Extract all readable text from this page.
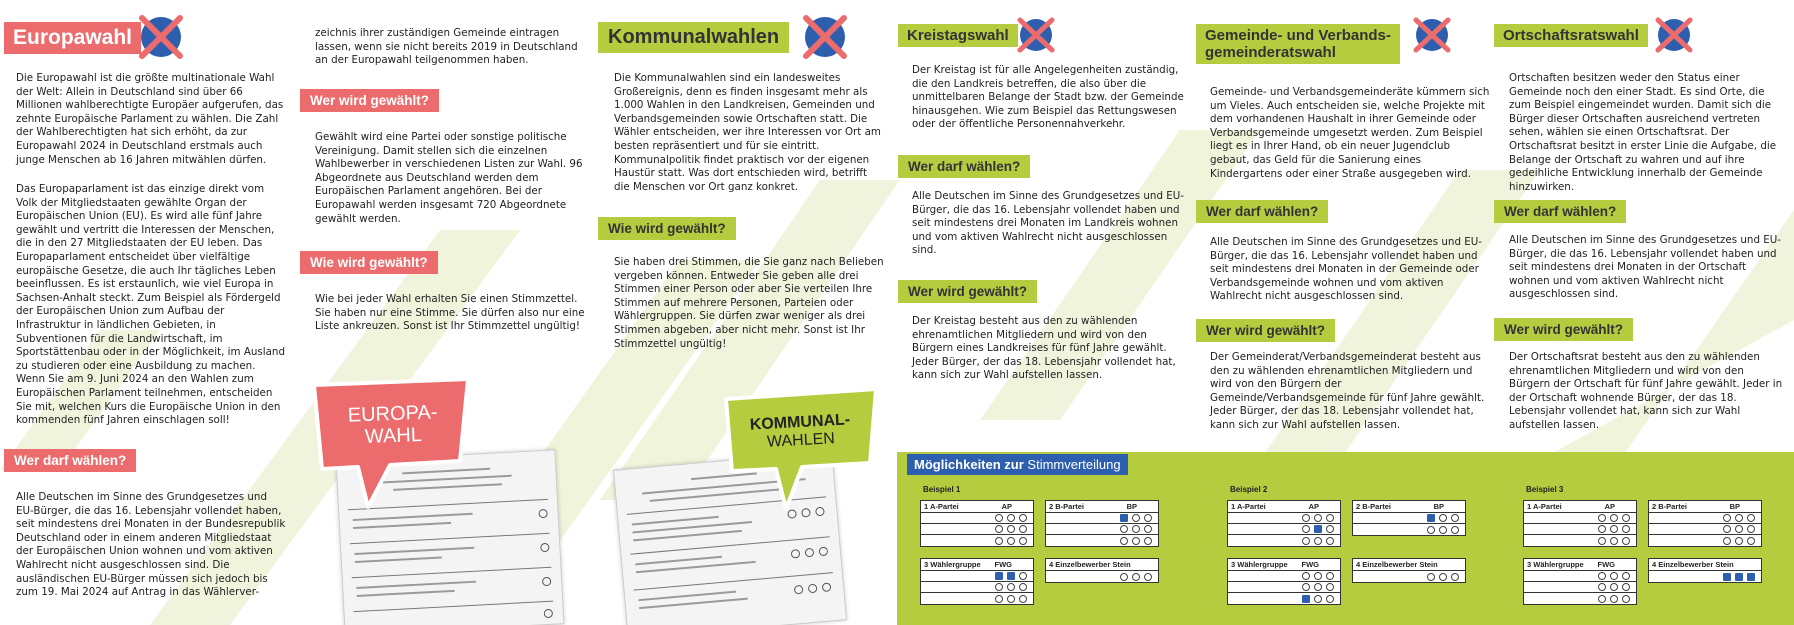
Europawahl

Die Europawahl ist die größte multinationale Wahl der Welt: Allein in Deutschland sind über 66 Millionen wahlberechtigte Europäer aufgerufen, das zehnte Europäische Parlament zu wählen. Die Zahl der Wahlberechtigten hat sich erhöht, da zur Europawahl 2024 in Deutschland erstmals auch junge Menschen ab 16 Jahren mitwählen dürfen.

Das Europaparlament ist das einzige direkt vom Volk der Mitgliedstaaten gewählte Organ der Europäischen Union (EU). Es wird alle fünf Jahre gewählt und vertritt die Interessen der Menschen, die in den 27 Mitgliedstaaten der EU leben. Das Europaparlament entscheidet über vielfältige europäische Gesetze, die auch Ihr tägliches Leben beeinflussen. Es ist erstaunlich, wie viel Europa in Sachsen-Anhalt steckt. Zum Beispiel als Fördergeld der Europäischen Union zum Aufbau der Infrastruktur in ländlichen Gebieten, in Subventionen für die Landwirtschaft, im Sportstättenbau oder in der Möglichkeit, im Ausland zu studieren oder eine Ausbildung zu machen. Wenn Sie am 9. Juni 2024 an den Wahlen zum Europäischen Parlament teilnehmen, entscheiden Sie mit, welchen Kurs die Europäische Union in den kommenden fünf Jahren einschlagen soll!

Wer darf wählen?

Alle Deutschen im Sinne des Grundgesetzes und EU-Bürger, die das 16. Lebensjahr vollendet haben, seit mindestens drei Monaten in der Bundesrepublik Deutschland oder in einem anderen Mitgliedstaat der Europäischen Union wohnen und vom aktiven Wahlrecht nicht ausgeschlossen sind. Die ausländischen EU-Bürger müssen sich jedoch bis zum 19. Mai 2024 auf Antrag in das Wählerver-

zeichnis ihrer zuständigen Gemeinde eintragen lassen, wenn sie nicht bereits 2019 in Deutschland an der Europawahl teilgenommen haben.

Wer wird gewählt?

Gewählt wird eine Partei oder sonstige politische Vereinigung. Damit stellen sich die einzelnen Wahlbewerber in verschiedenen Listen zur Wahl. 96 Abgeordnete aus Deutschland werden dem Europäischen Parlament angehören. Bei der Europawahl werden insgesamt 720 Abgeordnete gewählt werden.

Wie wird gewählt?

Wie bei jeder Wahl erhalten Sie einen Stimmzettel. Sie haben nur eine Stimme. Sie dürfen also nur eine Liste ankreuzen. Sonst ist Ihr Stimmzettel ungültig!

EUROPA-
WAHL
Kommunalwahlen

Die Kommunalwahlen sind ein landesweites Großereignis, denn es finden insgesamt mehr als 1.000 Wahlen in den Landkreisen, Gemeinden und Verbandsgemeinden sowie Ortschaften statt. Die Wähler entscheiden, wer ihre Interessen vor Ort am besten repräsentiert und für sie eintritt. Kommunalpolitik findet praktisch vor der eigenen Haustür statt. Was dort entschieden wird, betrifft die Menschen vor Ort ganz konkret.

Wie wird gewählt?

Sie haben drei Stimmen, die Sie ganz nach Belieben vergeben können. Entweder Sie geben alle drei Stimmen einer Person oder aber Sie verteilen Ihre Stimmen auf mehrere Personen, Parteien oder Wählergruppen. Sie dürfen zwar weniger als drei Stimmen abgeben, aber nicht mehr. Sonst ist Ihr Stimmzettel ungültig!

KOMMUNAL-
WAHLEN
Kreistagswahl

Der Kreistag ist für alle Angelegenheiten zuständig, die den Landkreis betreffen, die also über die unmittelbaren Belange der Stadt bzw. der Gemeinde hinausgehen. Wie zum Beispiel das Rettungswesen oder der öffentliche Personennahverkehr.

Wer darf wählen?

Alle Deutschen im Sinne des Grundgesetzes und EU-Bürger, die das 16. Lebensjahr vollendet haben und seit mindestens drei Monaten im Landkreis wohnen und vom aktiven Wahlrecht nicht ausgeschlossen sind.

Wer wird gewählt?

Der Kreistag besteht aus den zu wählenden ehrenamtlichen Mitgliedern und wird von den Bürgern eines Landkreises für fünf Jahre gewählt. Jeder Bürger, der das 18. Lebensjahr vollendet hat, kann sich zur Wahl aufstellen lassen.

Gemeinde- und Verbands-
gemeinderatswahl

Gemeinde- und Verbandsgemeinderäte kümmern sich um Vieles. Auch entscheiden sie, welche Projekte mit dem vorhandenen Haushalt in ihrer Gemeinde oder Verbandsgemeinde umgesetzt werden. Zum Beispiel liegt es in Ihrer Hand, ob ein neuer Jugendclub gebaut, das Geld für die Sanierung eines Kindergartens oder einer Straße ausgegeben wird.

Wer darf wählen?

Alle Deutschen im Sinne des Grundgesetzes und EU-Bürger, die das 16. Lebensjahr vollendet haben und seit mindestens drei Monaten in der Gemeinde oder Verbandsgemeinde wohnen und vom aktiven Wahlrecht nicht ausgeschlossen sind.

Wer wird gewählt?

Der Gemeinderat/Verbandsgemeinderat besteht aus den zu wählenden ehrenamtlichen Mitgliedern und wird von den Bürgern der Gemeinde/Verbandsgemeinde für fünf Jahre gewählt. Jeder Bürger, der das 18. Lebensjahr vollendet hat, kann sich zur Wahl aufstellen lassen.

Ortschaftsratswahl

Ortschaften besitzen weder den Status einer Gemeinde noch den einer Stadt. Es sind Orte, die zum Beispiel eingemeindet wurden. Damit sich die Bürger dieser Ortschaften ausreichend vertreten sehen, wählen sie einen Ortschaftsrat. Der Ortschaftsrat besitzt in erster Linie die Aufgabe, die Belange der Ortschaft zu wahren und auf ihre gedeihliche Entwicklung innerhalb der Gemeinde hinzuwirken.

Wer darf wählen?

Alle Deutschen im Sinne des Grundgesetzes und EU-Bürger, die das 16. Lebensjahr vollendet haben und seit mindestens drei Monaten in der Ortschaft wohnen und vom aktiven Wahlrecht nicht ausgeschlossen sind.

Wer wird gewählt?

Der Ortschaftsrat besteht aus den zu wählenden ehrenamtlichen Mitgliedern und wird von den Bürgern der Ortschaft für fünf Jahre gewählt. Jeder in der Ortschaft wohnende Bürger, der das 18. Lebensjahr vollendet hat, kann sich zur Wahl aufstellen lassen.

Möglichkeiten zur Stimmverteilung
Beispiel 1
1 A-Partei	AP	2 B-Partei	BP
3 Wählergruppe FWG	4 Einzelbewerber Stein
Beispiel 2
1 A-Partei	AP	2 B-Partei	BP
3 Wählergruppe FWG	4 Einzelbewerber Stein
Beispiel 3
1 A-Partei	AP	2 B-Partei	BP
3 Wählergruppe FWG	4 Einzelbewerber Stein
